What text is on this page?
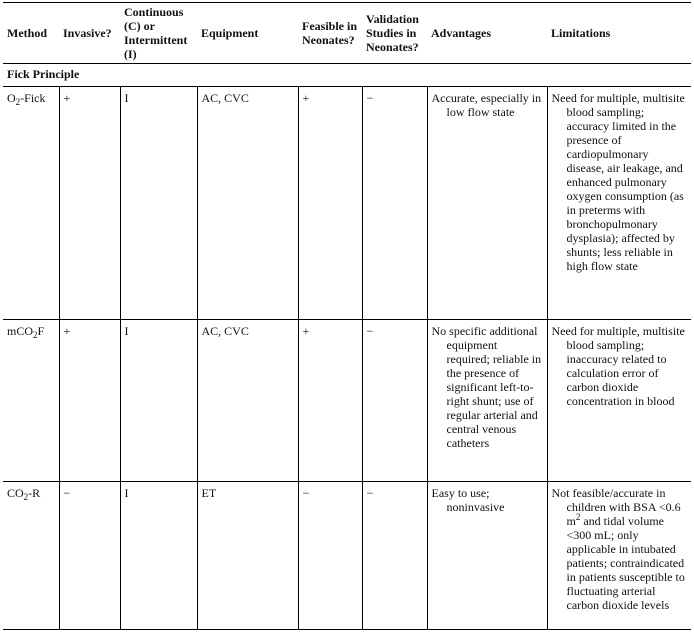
Method	Invasive?	Continuous (C) or Intermittent (I)	Equipment	Feasible in Neonates?	Validation Studies in Neonates?	Advantages	Limitations
Fick Principle							
$O_2$-Fick	+	I	AC, CVC	+	−	Accurate, especially in low flow state	Need for multiple, multisite blood sampling; accuracy limited in the presence of cardiopulmonary disease, air leakage, and enhanced pulmonary oxygen consumption (as in preterms with bronchopulmonary dysplasia); affected by shunts; less reliable in high flow state
mCO$_2$F	+	I	AC, CVC	+	−	No specific additional equipment required; reliable in the presence of significant left-to-right shunt; use of regular arterial and central venous catheters	Need for multiple, multisite blood sampling; inaccuracy related to calculation error of carbon dioxide concentration in blood
$CO_2-R$	−	I	ET	−	−	Easy to use; noninvasive	Not feasible/accurate in children with BSA <0.6 $m^2$ and tidal volume <300 mL; only applicable in intubated patients; contraindicated in patients susceptible to fluctuating arterial carbon dioxide levels
